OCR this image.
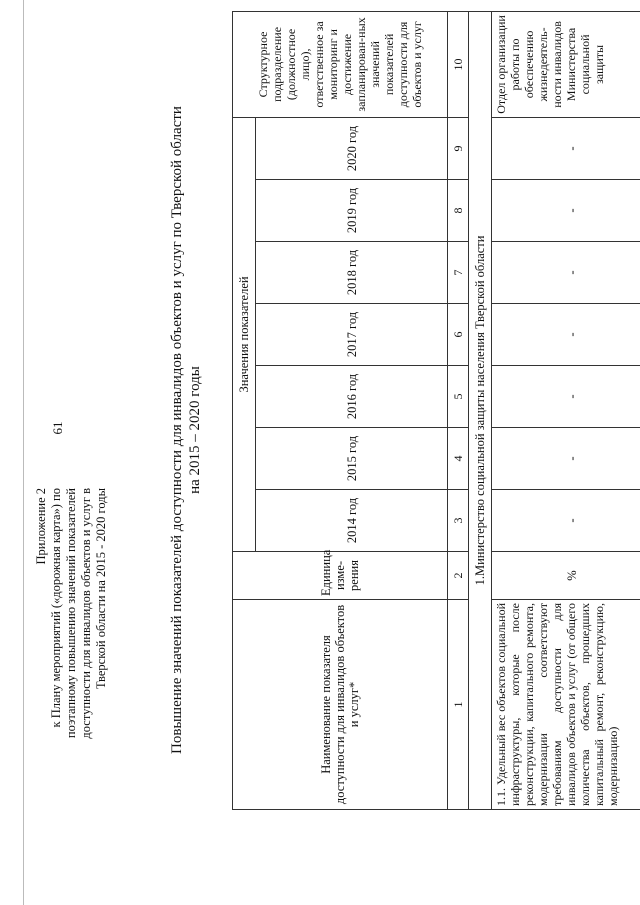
61
Приложение 2 к Плану мероприятий («дорожная карта») по поэтапному повышению значений показателей доступности для инвалидов объектов и услуг в Тверской области на 2015 - 2020 годы	Повышение значений показателей доступности для инвалидов объектов и услуг по Тверской области на 2015 – 2020 годы
Наименование показателя доступности для инвалидов объектов и услуг*	Единица изме-рения	Значения показателей							Структурное подразделение (должностное лицо), ответственное за мониторинг и достижение запланирован-ных значений показателей доступности для объектов и услуг
		2014 год	2015 год	2016 год	2017 год	2018 год	2019 год	2020 год	
1	2	3	4	5	6	7	8	9	10
1.Министерство социальной защиты населения Тверской области									
1.1. Удельный вес объектов социальной инфраструктуры, которые после реконструкции, капитального ремонта, модернизации соответствуют требованиям доступности для инвалидов объектов и услуг (от общего количества объектов, прошедших капитальный ремонт, реконструкцию, модернизацию)	%	-	-	-	-	-	-	-	Отдел организации работы по обеспечению жизнедеятель-ности инвалидов Министерства социальной защиты
